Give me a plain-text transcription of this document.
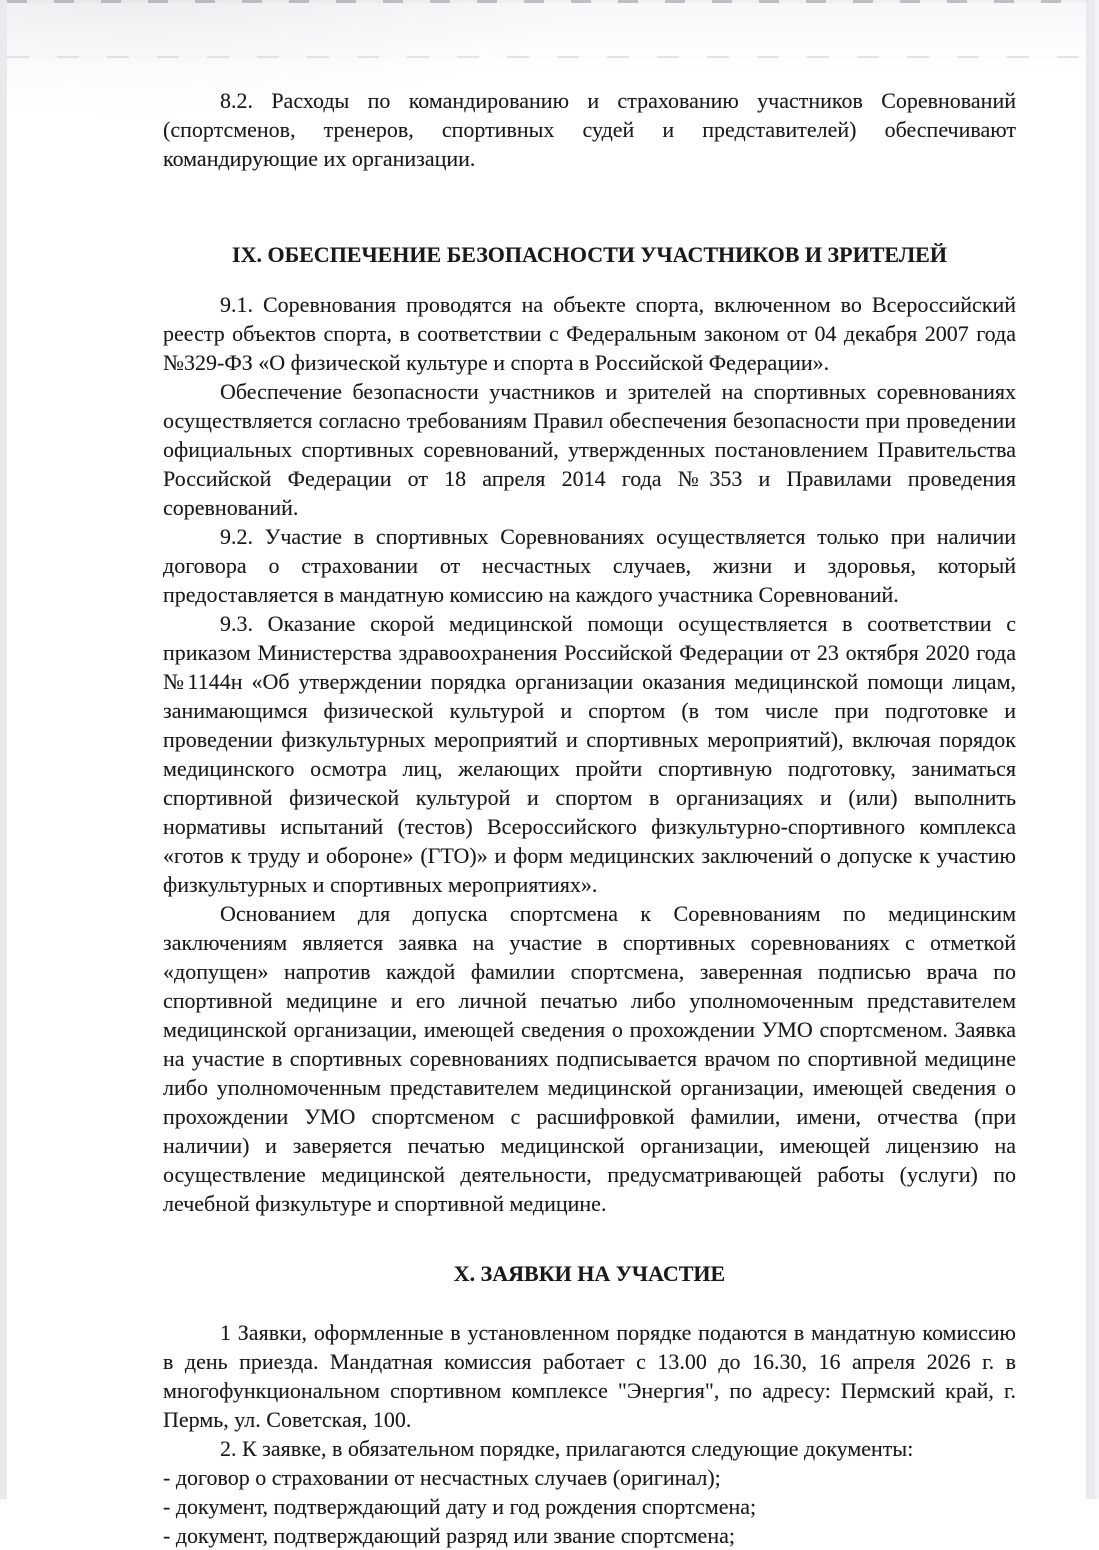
8.2. Расходы по командированию и страхованию участников Соревнований (спортсменов, тренеров, спортивных судей и представителей) обеспечивают командирующие их организации.

IX. ОБЕСПЕЧЕНИЕ БЕЗОПАСНОСТИ УЧАСТНИКОВ И ЗРИТЕЛЕЙ

9.1. Соревнования проводятся на объекте спорта, включенном во Всероссийский реестр объектов спорта, в соответствии с Федеральным законом от 04 декабря 2007 года №329-ФЗ «О физической культуре и спорта в Российской Федерации».

Обеспечение безопасности участников и зрителей на спортивных соревнованиях осуществляется согласно требованиям Правил обеспечения безопасности при проведении официальных спортивных соревнований, утвержденных постановлением Правительства Российской Федерации от 18 апреля 2014 года №353 и Правилами проведения соревнований.

9.2. Участие в спортивных Соревнованиях осуществляется только при наличии договора о страховании от несчастных случаев, жизни и здоровья, который предоставляется в мандатную комиссию на каждого участника Соревнований.

9.3. Оказание скорой медицинской помощи осуществляется в соответствии с приказом Министерства здравоохранения Российской Федерации от 23 октября 2020 года №1144н «Об утверждении порядка организации оказания медицинской помощи лицам, занимающимся физической культурой и спортом (в том числе при подготовке и проведении физкультурных мероприятий и спортивных мероприятий), включая порядок медицинского осмотра лиц, желающих пройти спортивную подготовку, заниматься спортивной физической культурой и спортом в организациях и (или) выполнить нормативы испытаний (тестов) Всероссийского физкультурно-спортивного комплекса «готов к труду и обороне» (ГТО)» и форм медицинских заключений о допуске к участию физкультурных и спортивных мероприятиях».

Основанием для допуска спортсмена к Соревнованиям по медицинским заключениям является заявка на участие в спортивных соревнованиях с отметкой «допущен» напротив каждой фамилии спортсмена, заверенная подписью врача по спортивной медицине и его личной печатью либо уполномоченным представителем медицинской организации, имеющей сведения о прохождении УМО спортсменом. Заявка на участие в спортивных соревнованиях подписывается врачом по спортивной медицине либо уполномоченным представителем медицинской организации, имеющей сведения о прохождении УМО спортсменом с расшифровкой фамилии, имени, отчества (при наличии) и заверяется печатью медицинской организации, имеющей лицензию на осуществление медицинской деятельности, предусматривающей работы (услуги) по лечебной физкультуре и спортивной медицине.

X. ЗАЯВКИ НА УЧАСТИЕ

1 Заявки, оформленные в установленном порядке подаются в мандатную комиссию в день приезда. Мандатная комиссия работает с 13.00 до 16.30, 16 апреля 2026 г. в многофункциональном спортивном комплексе "Энергия", по адресу: Пермский край, г. Пермь, ул. Советская, 100.

2. К заявке, в обязательном порядке, прилагаются следующие документы:

- договор о страховании от несчастных случаев (оригинал);

- документ, подтверждающий дату и год рождения спортсмена;

- документ, подтверждающий разряд или звание спортсмена;
